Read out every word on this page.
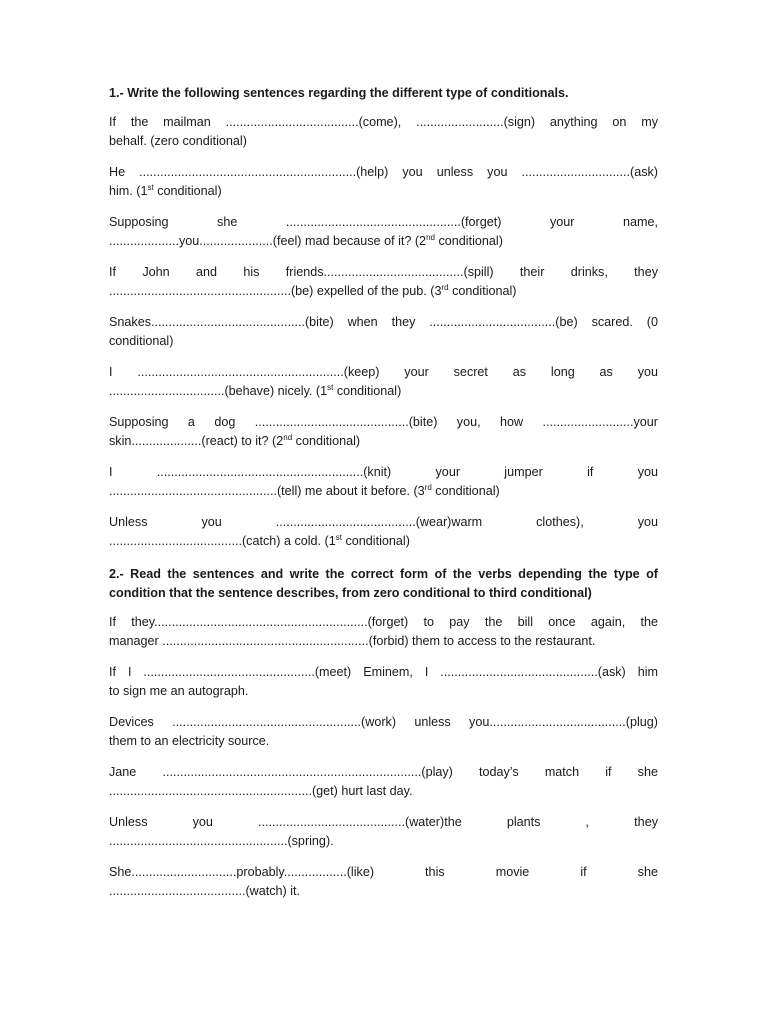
1.- Write the following sentences regarding the different type of conditionals.

If the mailman ......................................(come), .........................(sign) anything on my
behalf. (zero conditional)

He ..............................................................(help) you unless you ...............................(ask)
him. (1st conditional)

Supposing she ..................................................(forget) your name,
....................you.....................(feel) mad because of it? (2nd conditional)

If John and his friends........................................(spill) their drinks, they
....................................................(be) expelled of the pub. (3rd conditional)

Snakes............................................(bite) when they ....................................(be) scared. (0
conditional)

I ...........................................................(keep) your secret as long as you
.................................(behave) nicely. (1st conditional)

Supposing a dog ............................................(bite) you, how ..........................your
skin....................(react) to it? (2nd conditional)

I ...........................................................(knit) your jumper if you
................................................(tell) me about it before. (3rd conditional)

Unless you ........................................(wear)warm clothes), you
......................................(catch) a cold. (1st conditional)

2.- Read the sentences and write the correct form of the verbs depending the type of condition that the sentence describes, from zero conditional to third conditional)

If they.............................................................(forget) to pay the bill once again, the
manager ...........................................................(forbid) them to access to the restaurant.

If I .................................................(meet) Eminem, I .............................................(ask) him
to sign me an autograph.

Devices ......................................................(work) unless you.......................................(plug)
them to an electricity source.

Jane ..........................................................................(play) today’s match if she
..........................................................(get) hurt last day.

Unless you ..........................................(water)the plants , they
...................................................(spring).

She..............................probably..................(like) this movie if she
.......................................(watch) it.
